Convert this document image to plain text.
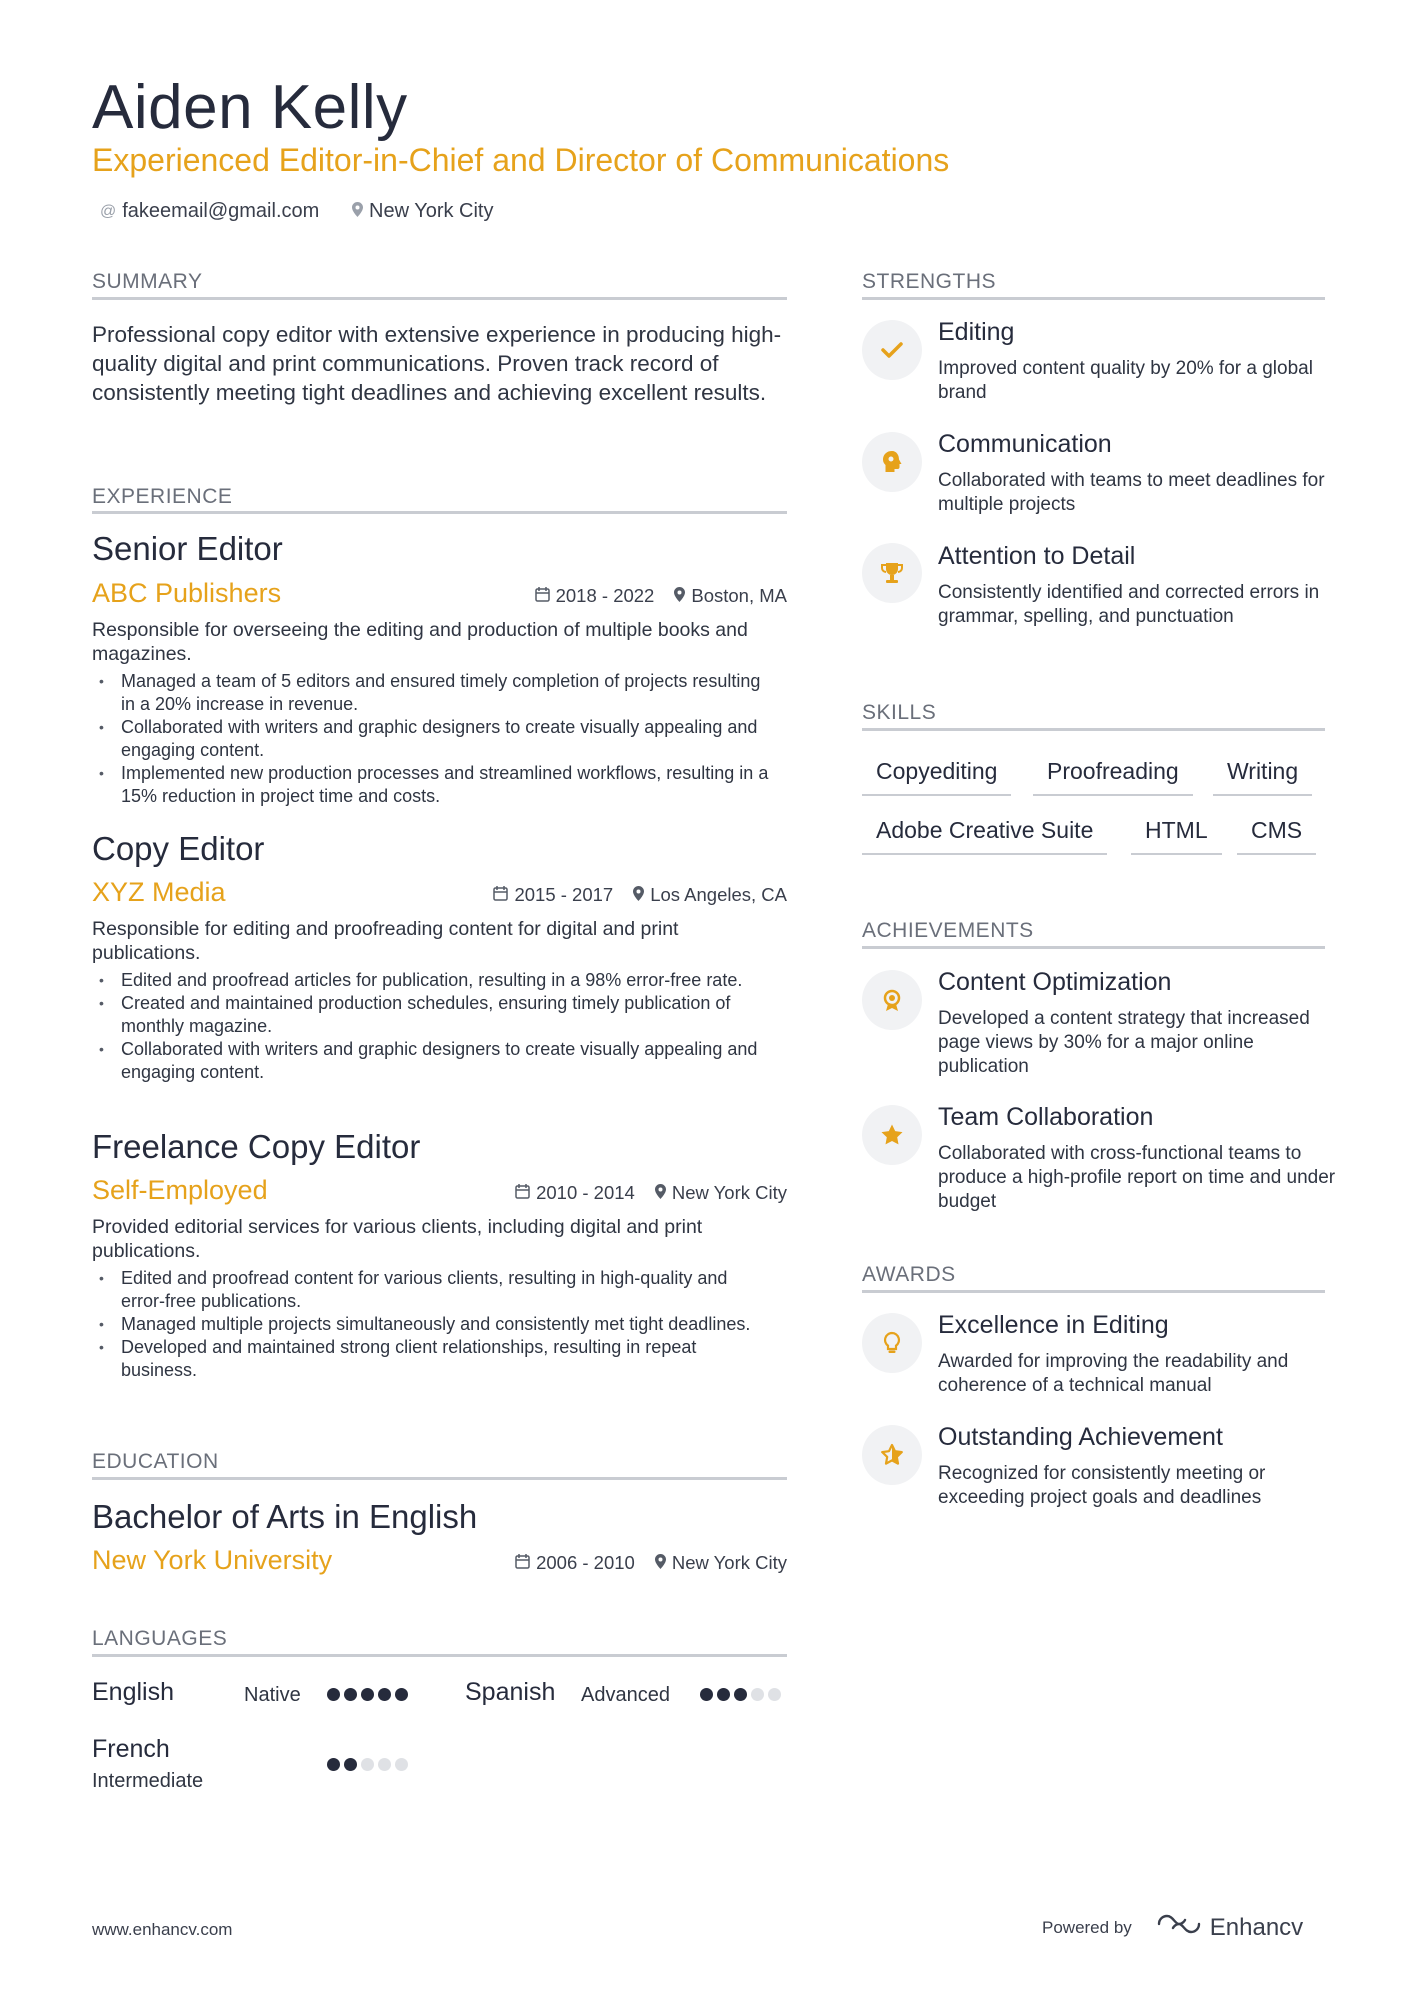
Aiden Kelly
Experienced Editor-in-Chief and Director of Communications
@ fakeemail@gmail.com New York City
SUMMARY
Professional copy editor with extensive experience in producing high-quality digital and print communications. Proven track record of consistently meeting tight deadlines and achieving excellent results.
EXPERIENCE
Senior Editor
ABC Publishers	2018 - 2022 Boston, MA
Responsible for overseeing the editing and production of multiple books and magazines.
• Managed a team of 5 editors and ensured timely completion of projects resulting in a 20% increase in revenue.
• Collaborated with writers and graphic designers to create visually appealing and engaging content.
• Implemented new production processes and streamlined workflows, resulting in a 15% reduction in project time and costs.
Copy Editor
XYZ Media	2015 - 2017 Los Angeles, CA
Responsible for editing and proofreading content for digital and print publications.
• Edited and proofread articles for publication, resulting in a 98% error-free rate.
• Created and maintained production schedules, ensuring timely publication of monthly magazine.
• Collaborated with writers and graphic designers to create visually appealing and engaging content.
Freelance Copy Editor
Self-Employed	2010 - 2014 New York City
Provided editorial services for various clients, including digital and print publications.
• Edited and proofread content for various clients, resulting in high-quality and error-free publications.
• Managed multiple projects simultaneously and consistently met tight deadlines.
• Developed and maintained strong client relationships, resulting in repeat business.
EDUCATION
Bachelor of Arts in English
New York University	2006 - 2010 New York City
LANGUAGES
English	Native	Spanish Advanced
French
Intermediate
STRENGTHS
Editing
Improved content quality by 20% for a global brand
Communication
Collaborated with teams to meet deadlines for multiple projects
Attention to Detail
Consistently identified and corrected errors in grammar, spelling, and punctuation
SKILLS
Copyediting	Proofreading	Writing
Adobe Creative Suite	HTML	CMS
ACHIEVEMENTS
Content Optimization
Developed a content strategy that increased page views by 30% for a major online publication
Team Collaboration
Collaborated with cross-functional teams to produce a high-profile report on time and under budget
AWARDS
Excellence in Editing
Awarded for improving the readability and coherence of a technical manual
Outstanding Achievement
Recognized for consistently meeting or exceeding project goals and deadlines
www.enhancv.com	Powered by	Enhancv
